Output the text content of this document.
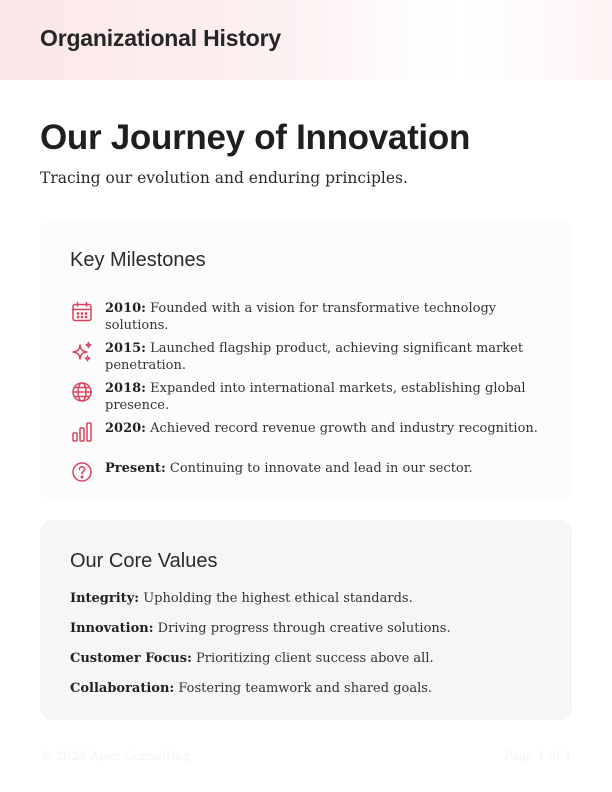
Organizational History
Our Journey of Innovation
Tracing our evolution and enduring principles.
Key Milestones
2010: Founded with a vision for transformative technology solutions.
2015: Launched flagship product, achieving significant market penetration.
2018: Expanded into international markets, establishing global presence.
2020: Achieved record revenue growth and industry recognition.
Present: Continuing to innovate and lead in our sector.
Our Core Values
Integrity: Upholding the highest ethical standards.
Innovation: Driving progress through creative solutions.
Customer Focus: Prioritizing client success above all.
Collaboration: Fostering teamwork and shared goals.
© 2024 Apex Consulting	Page 1 of 1
